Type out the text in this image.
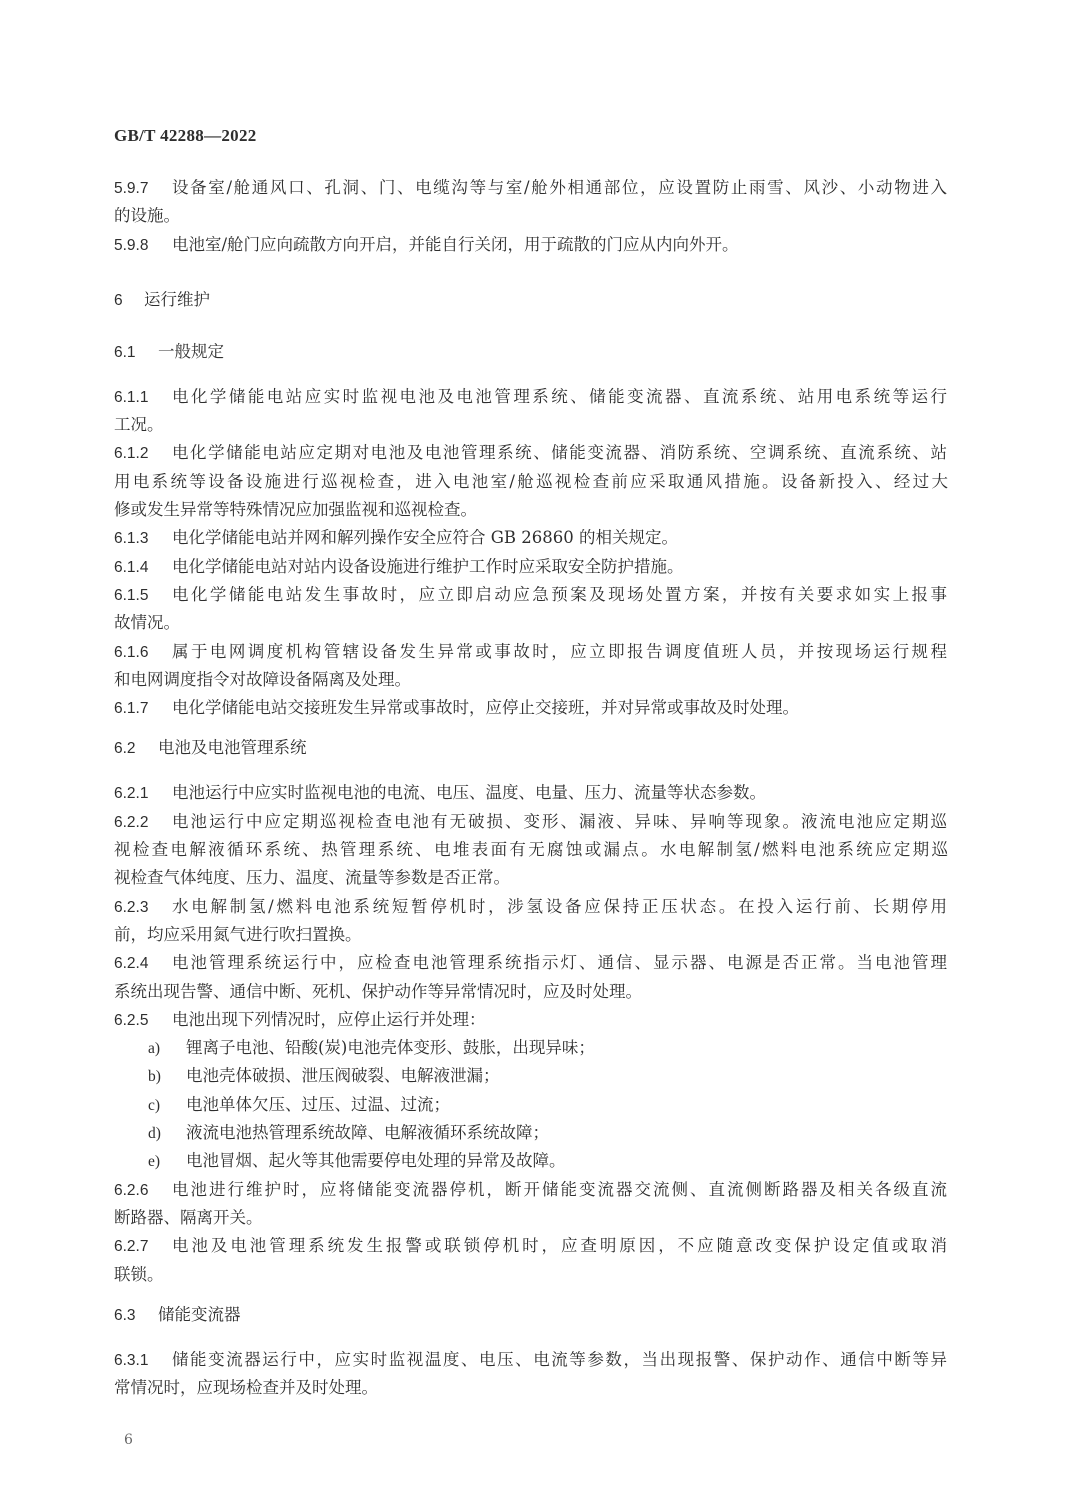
GB/T 42288—2022
5.9.7 设备室/舱通风口、孔洞、门、电缆沟等与室/舱外相通部位，应设置防止雨雪、风沙、小动物进入
的设施。
5.9.8 电池室/舱门应向疏散方向开启，并能自行关闭，用于疏散的门应从内向外开。
6 运行维护
6.1 一般规定
6.1.1 电化学储能电站应实时监视电池及电池管理系统、储能变流器、直流系统、站用电系统等运行
工况。
6.1.2 电化学储能电站应定期对电池及电池管理系统、储能变流器、消防系统、空调系统、直流系统、站
用电系统等设备设施进行巡视检查，进入电池室/舱巡视检查前应采取通风措施。设备新投入、经过大
修或发生异常等特殊情况应加强监视和巡视检查。
6.1.3 电化学储能电站并网和解列操作安全应符合 GB 26860 的相关规定。
6.1.4 电化学储能电站对站内设备设施进行维护工作时应采取安全防护措施。
6.1.5 电化学储能电站发生事故时，应立即启动应急预案及现场处置方案，并按有关要求如实上报事
故情况。
6.1.6 属于电网调度机构管辖设备发生异常或事故时，应立即报告调度值班人员，并按现场运行规程
和电网调度指令对故障设备隔离及处理。
6.1.7 电化学储能电站交接班发生异常或事故时，应停止交接班，并对异常或事故及时处理。
6.2 电池及电池管理系统
6.2.1 电池运行中应实时监视电池的电流、电压、温度、电量、压力、流量等状态参数。
6.2.2 电池运行中应定期巡视检查电池有无破损、变形、漏液、异味、异响等现象。液流电池应定期巡
视检查电解液循环系统、热管理系统、电堆表面有无腐蚀或漏点。水电解制氢/燃料电池系统应定期巡
视检查气体纯度、压力、温度、流量等参数是否正常。
6.2.3 水电解制氢/燃料电池系统短暂停机时，涉氢设备应保持正压状态。在投入运行前、长期停用
前，均应采用氮气进行吹扫置换。
6.2.4 电池管理系统运行中，应检查电池管理系统指示灯、通信、显示器、电源是否正常。当电池管理
系统出现告警、通信中断、死机、保护动作等异常情况时，应及时处理。
6.2.5 电池出现下列情况时，应停止运行并处理：
a) 锂离子电池、铅酸(炭)电池壳体变形、鼓胀，出现异味；
b) 电池壳体破损、泄压阀破裂、电解液泄漏；
c) 电池单体欠压、过压、过温、过流；
d) 液流电池热管理系统故障、电解液循环系统故障；
e) 电池冒烟、起火等其他需要停电处理的异常及故障。
6.2.6 电池进行维护时，应将储能变流器停机，断开储能变流器交流侧、直流侧断路器及相关各级直流
断路器、隔离开关。
6.2.7 电池及电池管理系统发生报警或联锁停机时，应查明原因，不应随意改变保护设定值或取消
联锁。
6.3 储能变流器
6.3.1 储能变流器运行中，应实时监视温度、电压、电流等参数，当出现报警、保护动作、通信中断等异
常情况时，应现场检查并及时处理。
6
